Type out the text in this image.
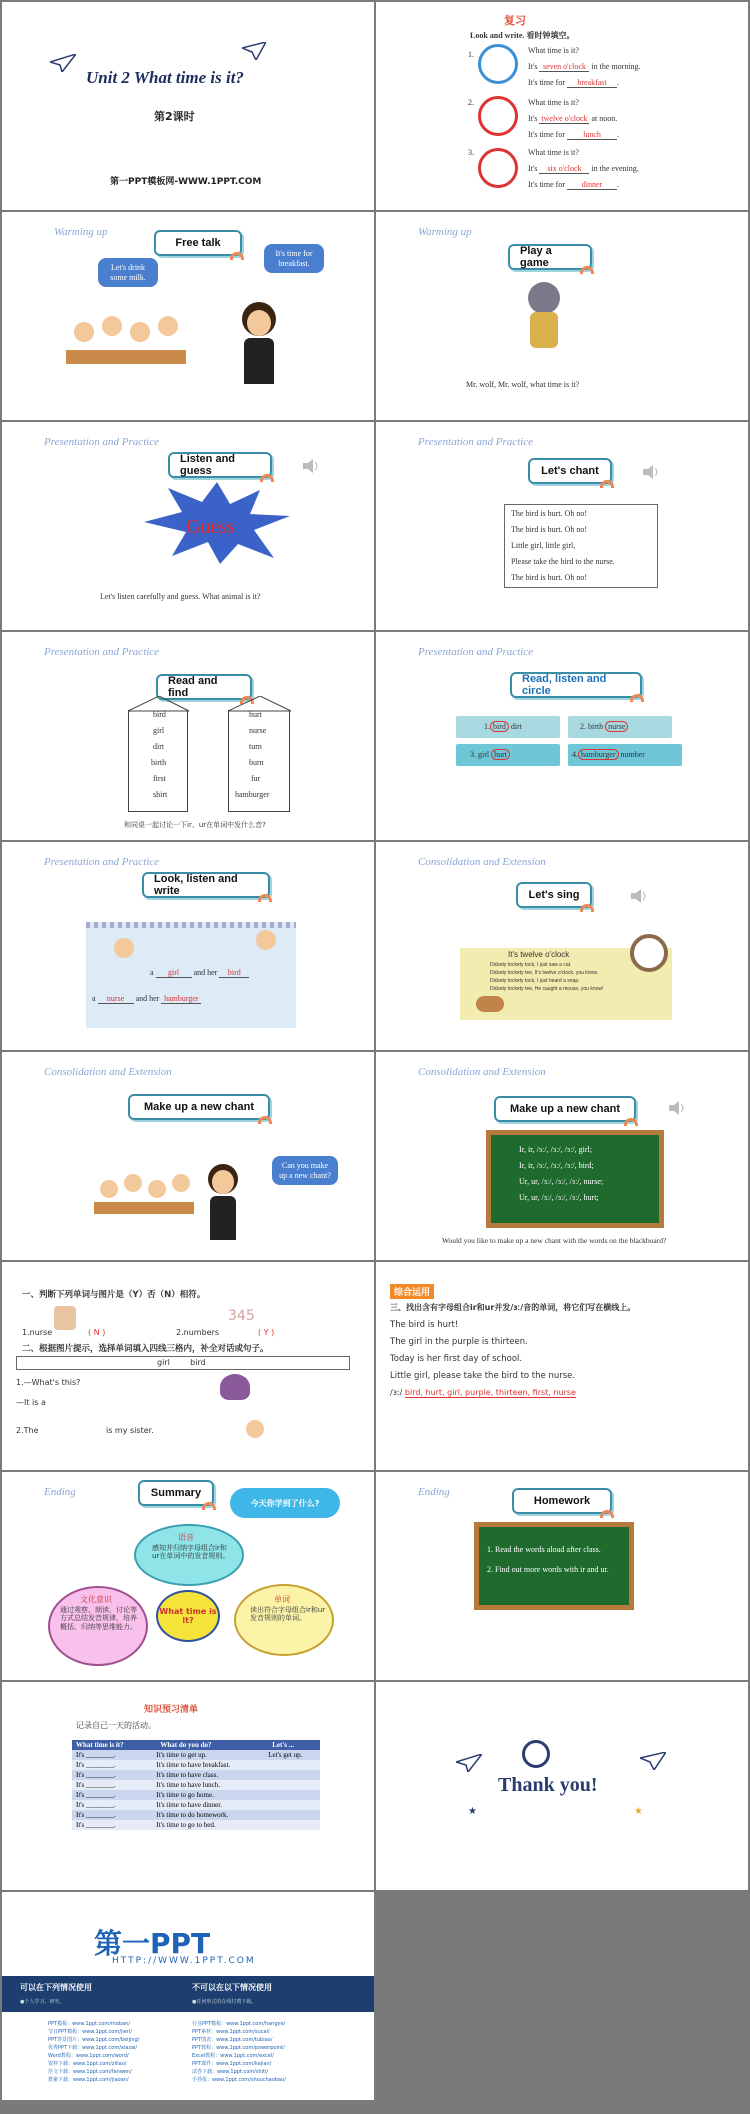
Unit 2 What time is it?
第2课时
第一PPT模板网-WWW.1PPT.COM
复习
Look and write. 看时钟填空。
1.	What time is it?
It's seven o'clock in the morning.
It's time for breakfast .
2.	What time is it?
It's twelve o'clock at noon.
It's time for lunch .
3.	What time is it?
It's six o'clock in the evening.
It's time for dinner .
Warming up
Free talk
Let's drink some milk.
It's time for breakfast.
Warming up
Play a game
Mr. wolf, Mr. wolf, what time is it?
Presentation and Practice
Listen and guess
Guess
Let's listen carefully and guess. What animal is it?
Presentation and Practice
Let's chant
The bird is hurt. Oh no!
The bird is hurt. Oh no!
Little girl, little girl,
Please take the bird to the nurse.
The bird is hurt. Oh no!
Presentation and Practice
Read and find
bird
girl
dirt
birth
first
shirt
hurt
nurse
turn
burn
fur
hamburger
和同桌一起讨论一下ir、ur在单词中发什么音?
Presentation and Practice
Read, listen and circle
1. bird dirt	2. birth nurse
3. girl hurt	4. hamburger number
Presentation and Practice
Look, listen and write
a girl and her bird
a nurse and her hamburger
Consolidation and Extension
Let's sing
It's twelve o'clock
Dickety tockety tock, I just saw a cat.
Dickety tockety tee, It's twelve o'clock, you know.
Dickety tockety tock, I just heard a snap.
Dickety tockety tee, He caught a mouse, you know!
Consolidation and Extension
Make up a new chant
Can you make up a new chant?
Consolidation and Extension
Make up a new chant
Ir, ir, /ɜː/, /ɜː/, /ɜː/, girl;
Ir, ir, /ɜː/, /ɜː/, /ɜː/, bird;
Ur, ur, /ɜː/, /ɜː/, /ɜː/, nurse;
Ur, ur, /ɜː/, /ɜː/, /ɜː/, hurt;
Would you like to make up a new chant with the words on the blackboard?
一、判断下列单词与图片是（Y）否（N）相符。
1.nurse	( N )
345
2.numbers	( Y )
二、根据图片提示，选择单词填入四线三格内，补全对话或句子。
girl        bird
1.—What's this?
—It is a
2.The	is my sister.
综合运用
三、找出含有字母组合ir和ur并发/ɜː/音的单词，将它们写在横线上。
The bird is hurt!
The girl in the purple is thirteen.
Today is her first day of school.
Little girl, please take the bird to the nurse.
/ɜː/ bird, hurt, girl, purple, thirteen, first, nurse
Ending	Summary
今天你学到了什么?
语音
感知并归纳字母组合ir和ur在单词中的发音规则。
What time is it?
文化意识
通过观察、朗读、讨论等方式总结发音规律，培养概括、归纳等思维能力。
单词
读出符合字母组合ir和ur发音规则的单词。
Ending
Homework
1. Read the words aloud after class.
2. Find out more words with ir and ur.
知识预习清单
记录自己一天的活动。
What time is it?	What do you do?	Let's ...
It's ________.	It's time to get up.	Let's get up.
It's ________.	It's time to have breakfast.	
It's ________.	It's time to have class.	
It's ________.	It's time to have lunch.	
It's ________.	It's time to go home.	
It's ________.	It's time to have dinner.	
It's ________.	It's time to do homework.	
It's ________.	It's time to go to bed.	
Thank you!
★	★
第一PPT
HTTP://WWW.1PPT.COM
可以在下列情况使用	不可以在以下情况使用
●个人学习、研究。	●任何形式的在线付费下载。
PPT模板：www.1ppt.com/moban/	行业PPT模板：www.1ppt.com/hangye/
节日PPT模板：www.1ppt.com/jieri/	PPT素材：www.1ppt.com/sucai/
PPT背景图片：www.1ppt.com/beijing/	PPT图表：www.1ppt.com/tubiao/
优秀PPT下载：www.1ppt.com/xiazai/	PPT教程：www.1ppt.com/powerpoint/
Word教程：www.1ppt.com/word/	Excel教程：www.1ppt.com/excel/
资料下载：www.1ppt.com/ziliao/	PPT课件：www.1ppt.com/kejian/
范文下载：www.1ppt.com/fanwen/	试卷下载：www.1ppt.com/shiti/
教案下载：www.1ppt.com/jiaoan/	手抄报：www.1ppt.com/shouchaobao/
